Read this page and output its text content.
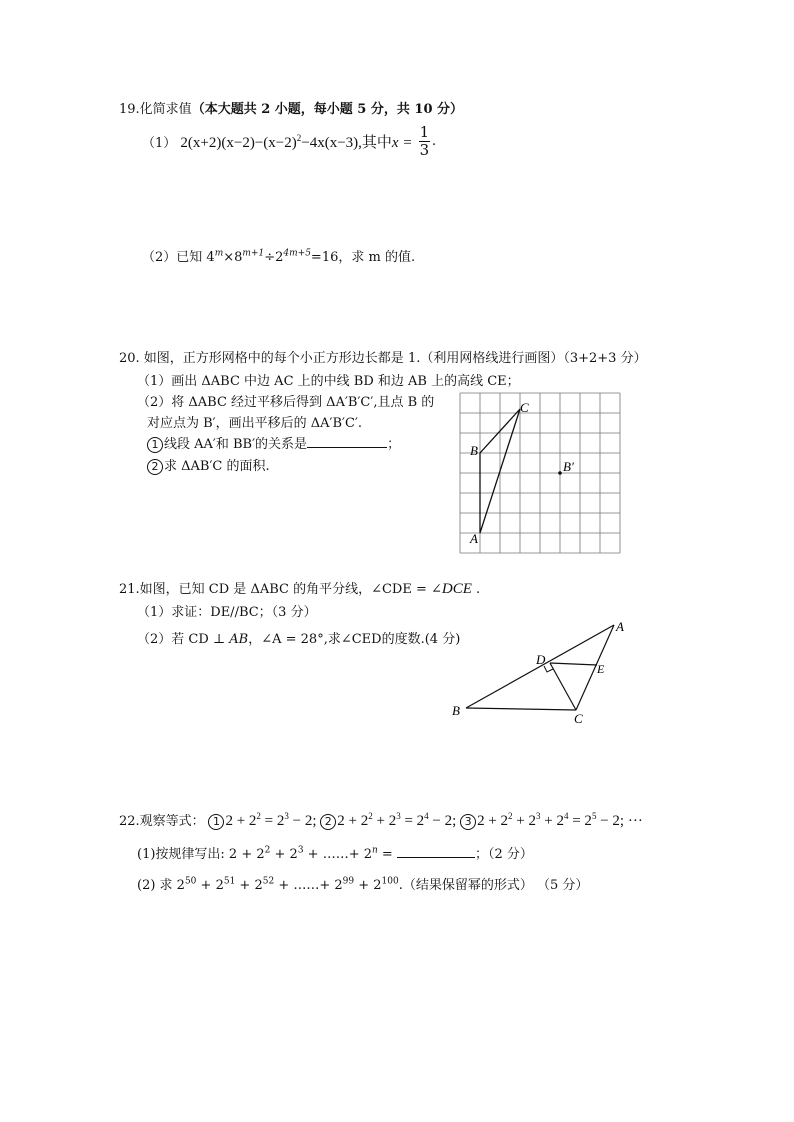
19.化简求值（本大题共 2 小题，每小题 5 分，共 10 分）
（1） $2(x+2)(x-2)-(x-2)^2-4x(x-3)$,其中$x = \frac{1}{3}$ .
（2）已知 $4^m\times 8^{m+1}\div 2^{4m+5}=16$，求 m 的值.
20. 如图，正方形网格中的每个小正方形边长都是 1.（利用网格线进行画图）（3+2+3 分）
（1）画出 ΔABC 中边 AC 上的中线 BD 和边 AB 上的高线 CE；
（2）将 ΔABC 经过平移后得到 ΔA′B′C′,且点 B 的
对应点为 B′，画出平移后的 ΔA′B′C′.
1 线段 AA′和 BB′的关系是	；
2 求 ΔAB′C 的面积.
A
B
C
B′
21.如图，已知 CD 是 ΔABC 的角平分线，∠CDE = ∠DCE .
（1）求证：DE//BC；（3 分）
（2）若 CD ⊥ AB，∠A = 28°,求∠CED的度数.(4 分)
A
B
C
D
E
22.观察等式： 1 $2 + 2^2 = 2^3 - 2$; 2 $2 + 2^2 + 2^3 = 2^4 - 2$; 3 $2 + 2^2 + 2^3 + 2^4 = 2^5 - 2$; ···
(1)按规律写出: $2 + 2^2 + 2^3$ + ……+ $2^n$ =	；（2 分）
(2) 求 $2^{50} + 2^{51} + 2^{52}$ + ……+ $2^{99} + 2^{100}$.（结果保留幂的形式） （5 分）
